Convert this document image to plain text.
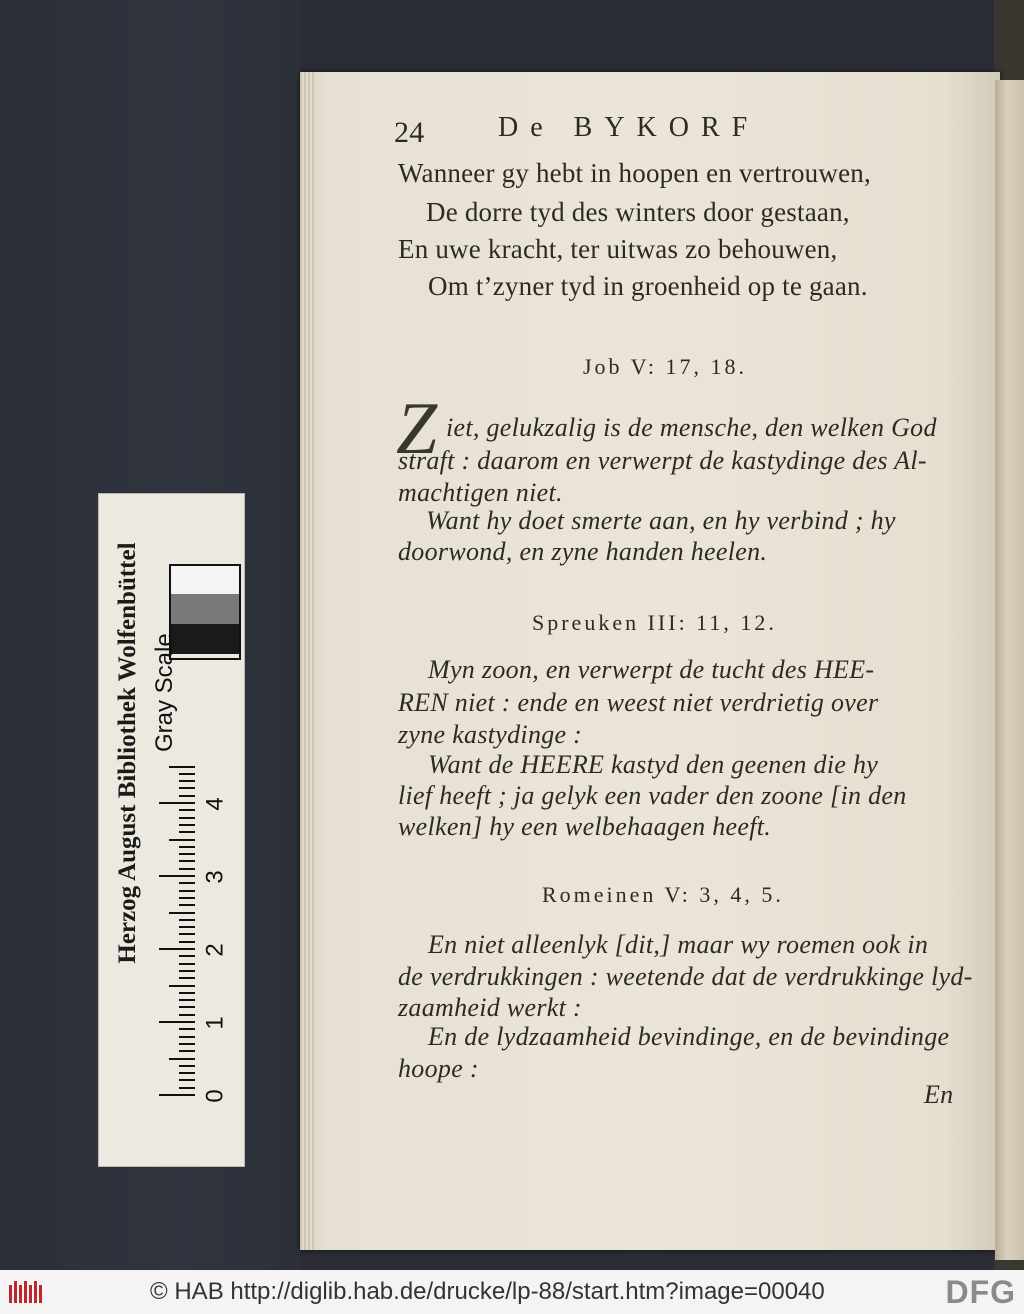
24	De BYKORF
Wanneer gy hebt in hoopen en vertrouwen,
De dorre tyd des winters door gestaan,
En uwe kracht, ter uitwas zo behouwen,
Om t’zyner tyd in groenheid op te gaan.
Job V: 17, 18.
Z iet, gelukzalig is de mensche, den welken God
straft : daarom en verwerpt de kastydinge des Al-
machtigen niet.
Want hy doet smerte aan, en hy verbind ; hy
doorwond, en zyne handen heelen.
Spreuken III: 11, 12.
Myn zoon, en verwerpt de tucht des HEE-
REN niet : ende en weest niet verdrietig over
zyne kastydinge :
Want de HEERE kastyd den geenen die hy
lief heeft ; ja gelyk een vader den zoone [in den
welken] hy een welbehaagen heeft.
Romeinen V: 3, 4, 5.
En niet alleenlyk [dit,] maar wy roemen ook in
de verdrukkingen : weetende dat de verdrukkinge lyd-
zaamheid werkt :
En de lydzaamheid bevindinge, en de bevindinge
hoope :
En
Herzog August Bibliothek Wolfenbüttel Gray Scale
0
1
2
3
4
© HAB http://diglib.hab.de/drucke/lp-88/start.htm?image=00040	DFG
